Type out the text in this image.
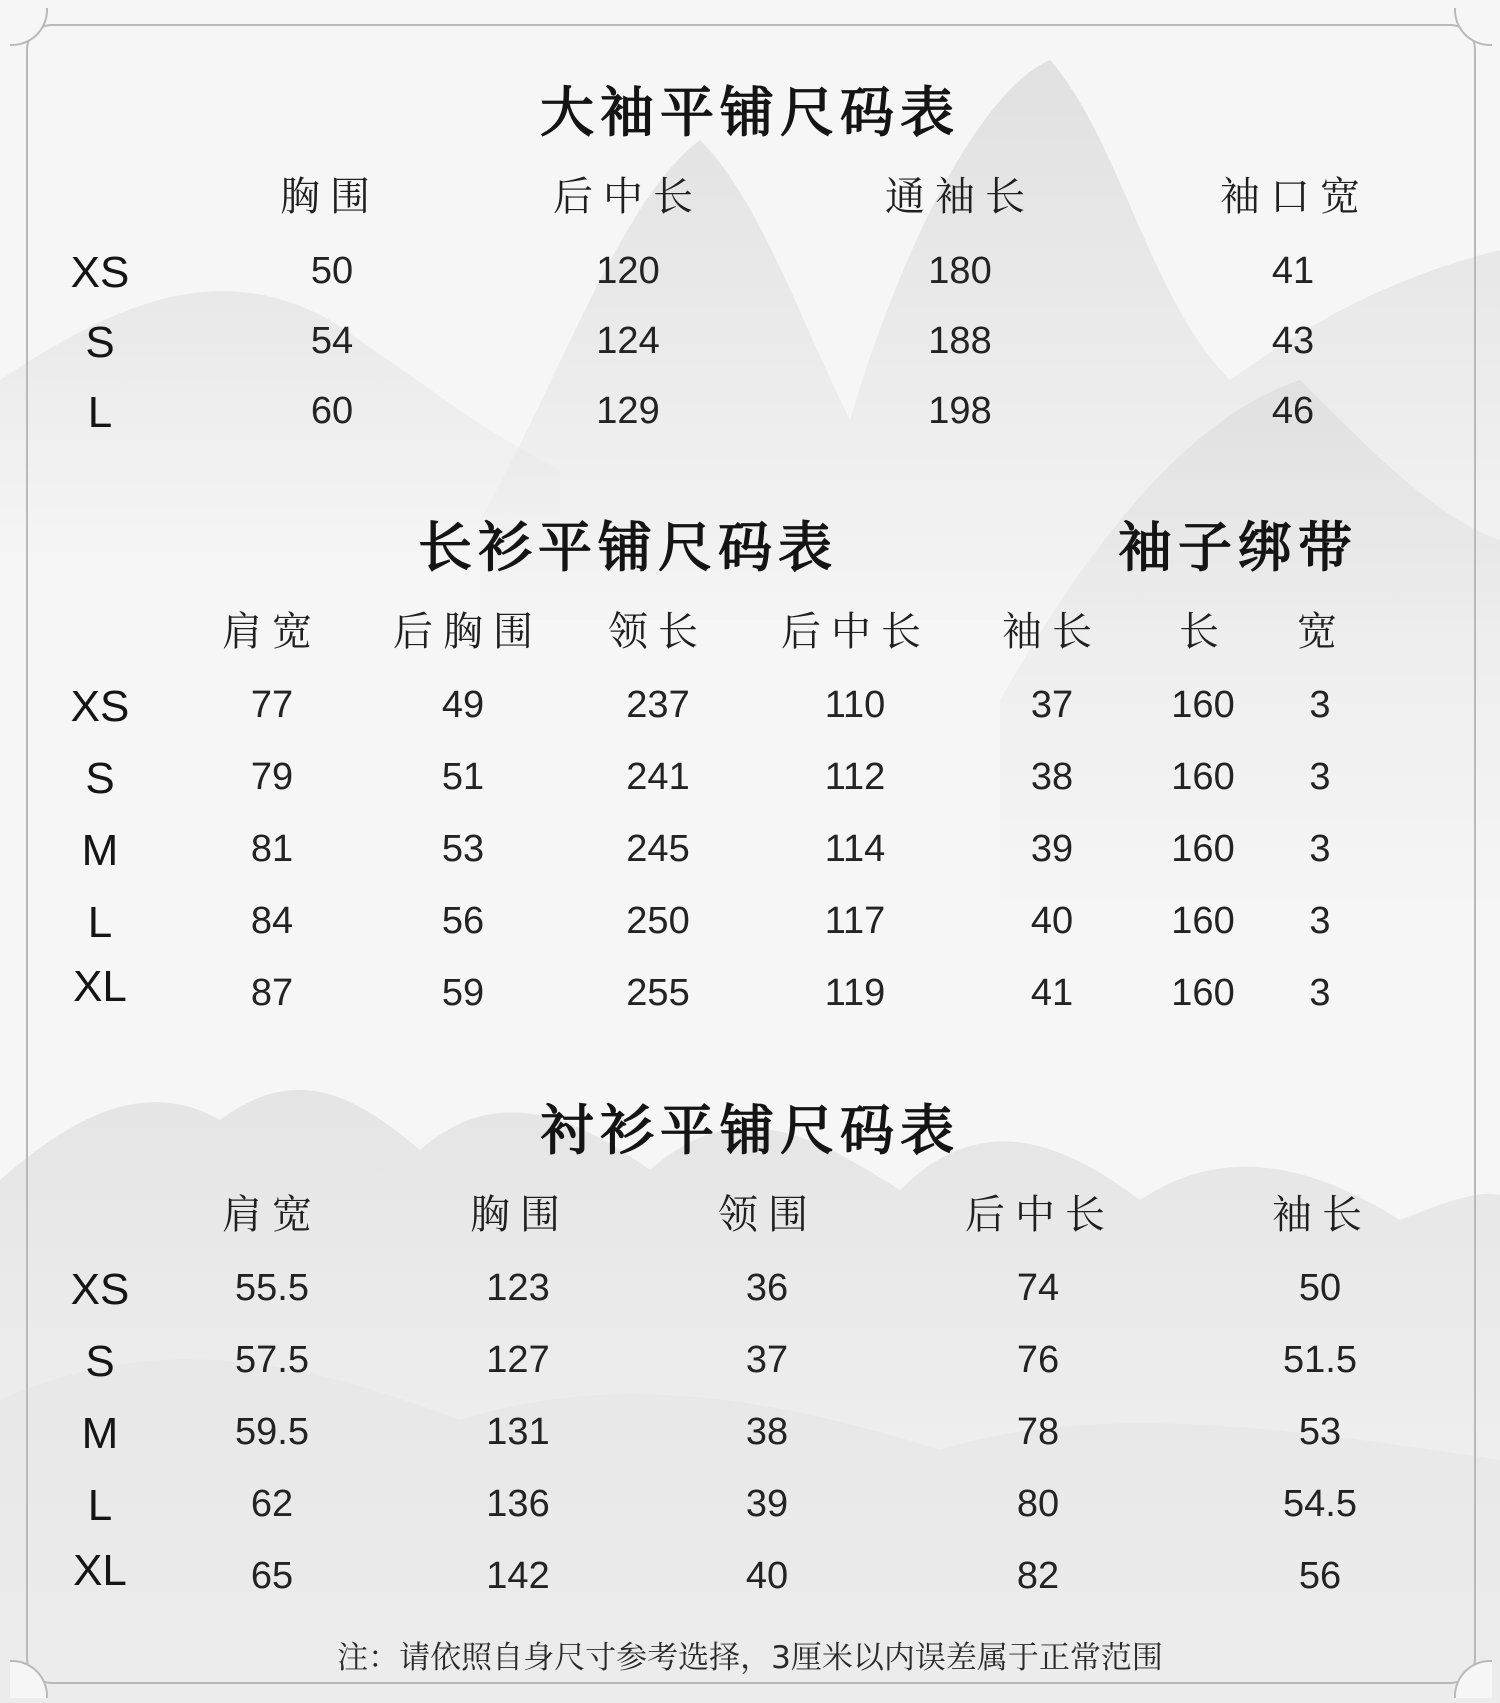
大袖平铺尺码表
胸围	后中长	通袖长	袖口宽
XS	50	120	180	41
S	54	124	188	43
L	60	129	198	46
长衫平铺尺码表	袖子绑带
肩宽 后胸围 领长 后中长 袖长 长 宽
XS	77	49	237	110	37	160 3
S	79	51	241	112	38	160 3
M	81	53	245	114	39	160 3
L	84	56	250	117	40	160 3
XL	87	59	255	119	41	160 3
衬衫平铺尺码表
肩宽	胸围	领围	后中长	袖长
XS	55.5	123	36	74	50
S	57.5	127	37	76	51.5
M	59.5	131	38	78	53
L	62	136	39	80	54.5
XL	65	142	40	82	56
注：请依照自身尺寸参考选择，3厘米以内误差属于正常范围
